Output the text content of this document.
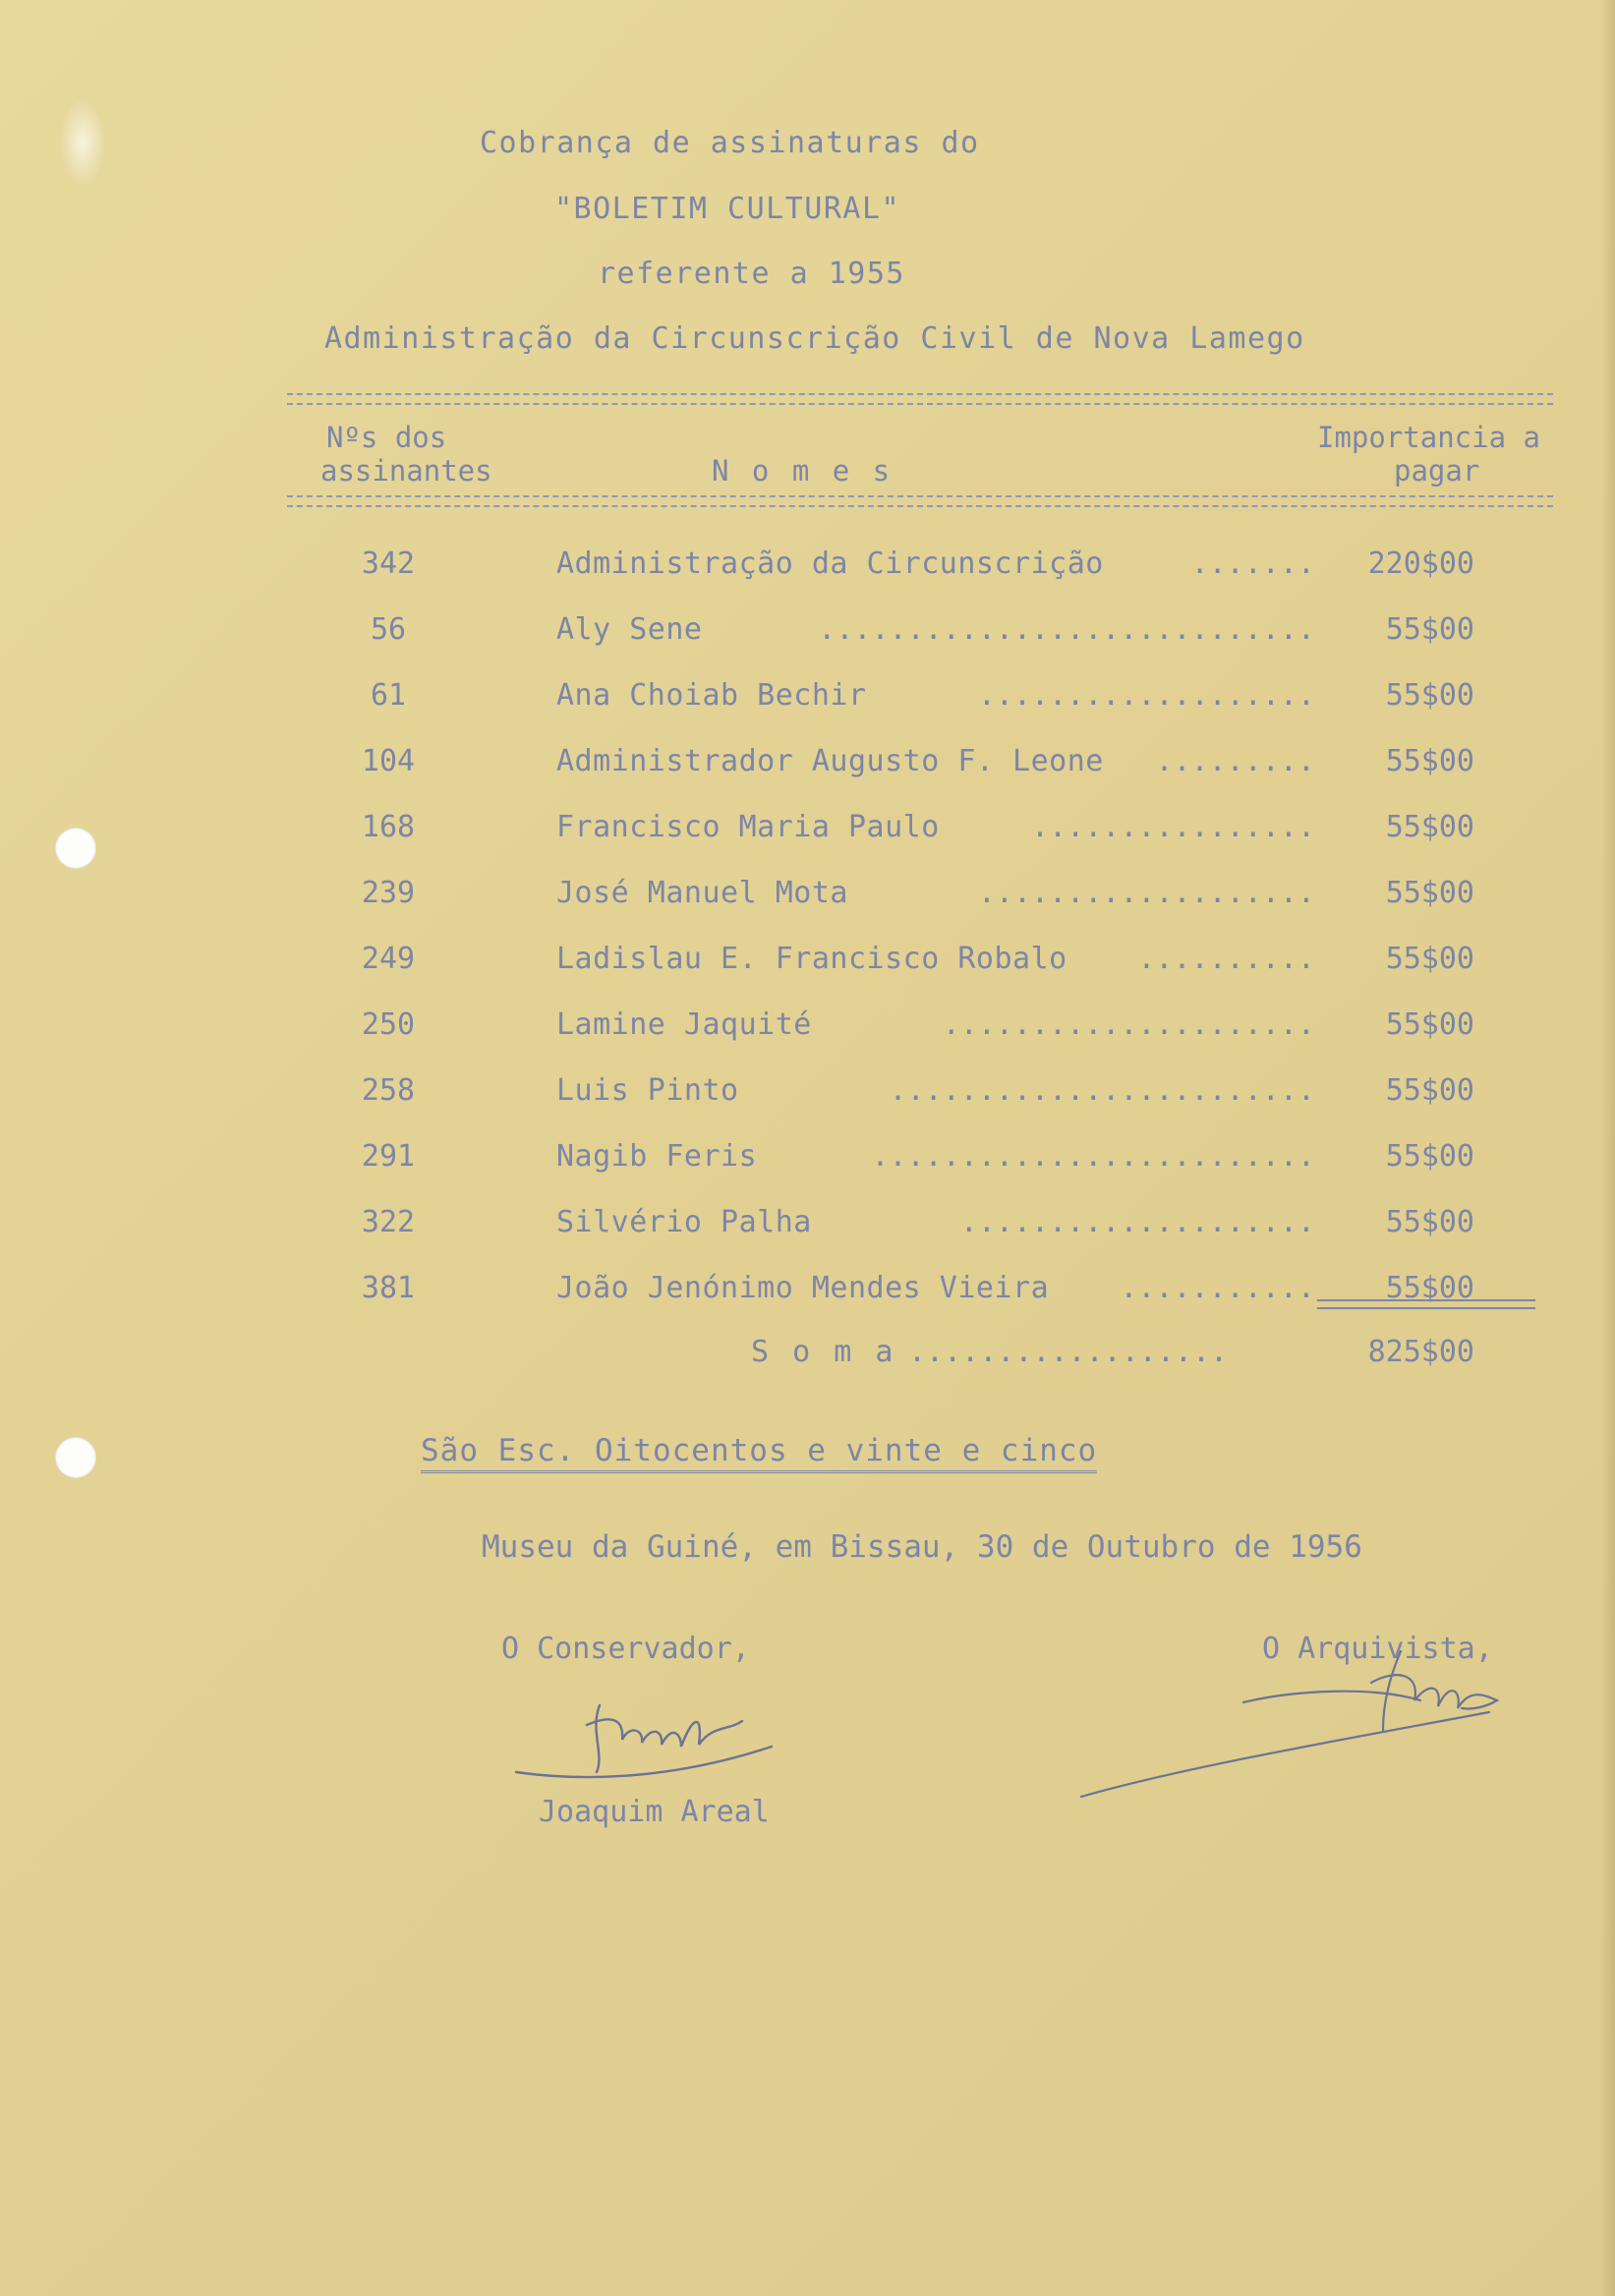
Cobrança de assinaturas do
"BOLETIM CULTURAL"
referente a 1955
Administração da Circunscrição Civil de Nova Lamego
Nºs dos
assinantes	N o m e s
Importancia a
pagar
342	Administração da Circunscrição	.......	220$00
56	Aly Sene	............................	55$00
61	Ana Choiab Bechir	...................	55$00
104	Administrador Augusto F. Leone .........	55$00
168	Francisco Maria Paulo	................	55$00
239	José Manuel Mota	...................	55$00
249	Ladislau E. Francisco Robalo ..........	55$00
250	Lamine Jaquité	.....................	55$00
258	Luis Pinto	........................	55$00
291	Nagib Feris	.........................	55$00
322	Silvério Palha	....................	55$00
381	João Jenónimo Mendes Vieira ...........	55$00
S o m a ..................	825$00
São Esc. Oitocentos e vinte e cinco
Museu da Guiné, em Bissau, 30 de Outubro de 1956
O Conservador,	O Arquivista,
Joaquim Areal
